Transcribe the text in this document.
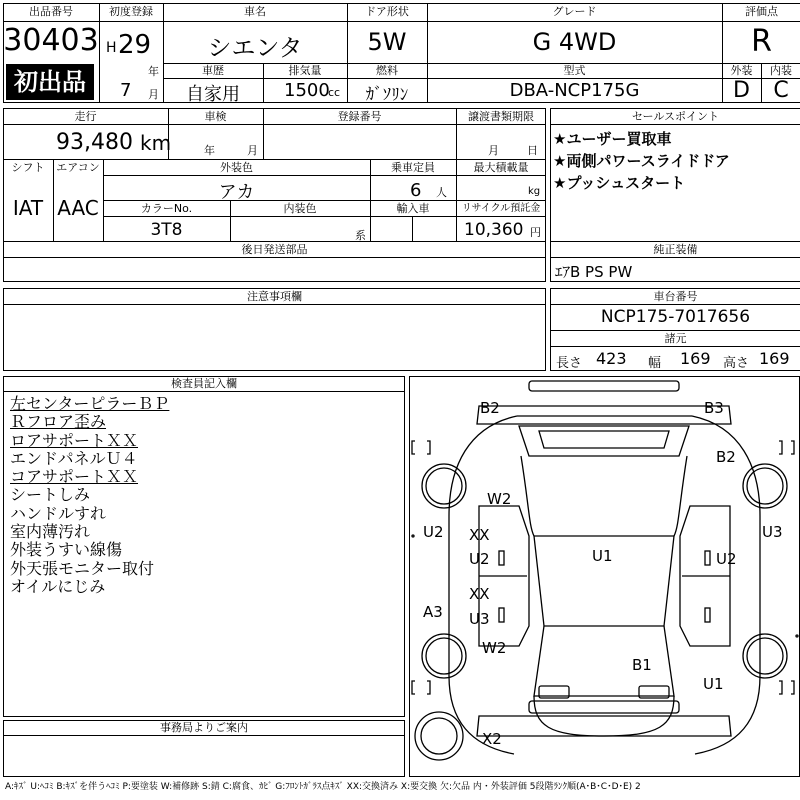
出品番号
30403
初出品
初度登録
H 29
年
7 月
車名
シエンタ
ドア形状
5W
グレード
G 4WD
評価点
R
車歴
自家用
排気量
1500
cc
燃料
ｶﾞｿﾘﾝ
型式
DBA-NCP175G
外装	内装
D	C
走行
93,480 km
車検
年	月
登録番号	譲渡書類期限
月	日
シフト
IAT
エアコン
AAC
外装色
アカ
乗車定員
6 人
最大積載量
kg
カラーNo.
3T8
内装色
系
輸入車	リサイクル預託金
10,360 円
後日発送部品
セールスポイント
★ユーザー買取車
★両側パワースライドドア
★プッシュスタート
純正装備
ｴｱB PS PW
注意事項欄	車台番号
NCP175-7017656
諸元
長さ 423 幅 169 高さ 169
検査員記入欄
左センターピラーＢＰ
Ｒフロア歪み
ロアサポートＸＸ
エンドパネルＵ４
コアサポートＸＸ
シートしみ
ハンドルすれ
室内薄汚れ
外装うすい線傷
外天張モニター取付
オイルにじみ
事務局よりご案内
B2	B3
B2
W2
U2 XX
U2	U1	U2
U3
XX
U3
A3
W2
B1
U1
X2
A:ｷｽﾞ U:ﾍｺﾐ B:ｷｽﾞを伴うﾍｺﾐ P:要塗装 W:補修跡 S:錆 C:腐食、ｶﾋﾞ G:ﾌﾛﾝﾄｶﾞﾗｽ点ｷｽﾞ XX:交換済み X:要交換 欠:欠品 内・外装評価 5段階ﾗﾝｸ順(A･B･C･D･E) 2
